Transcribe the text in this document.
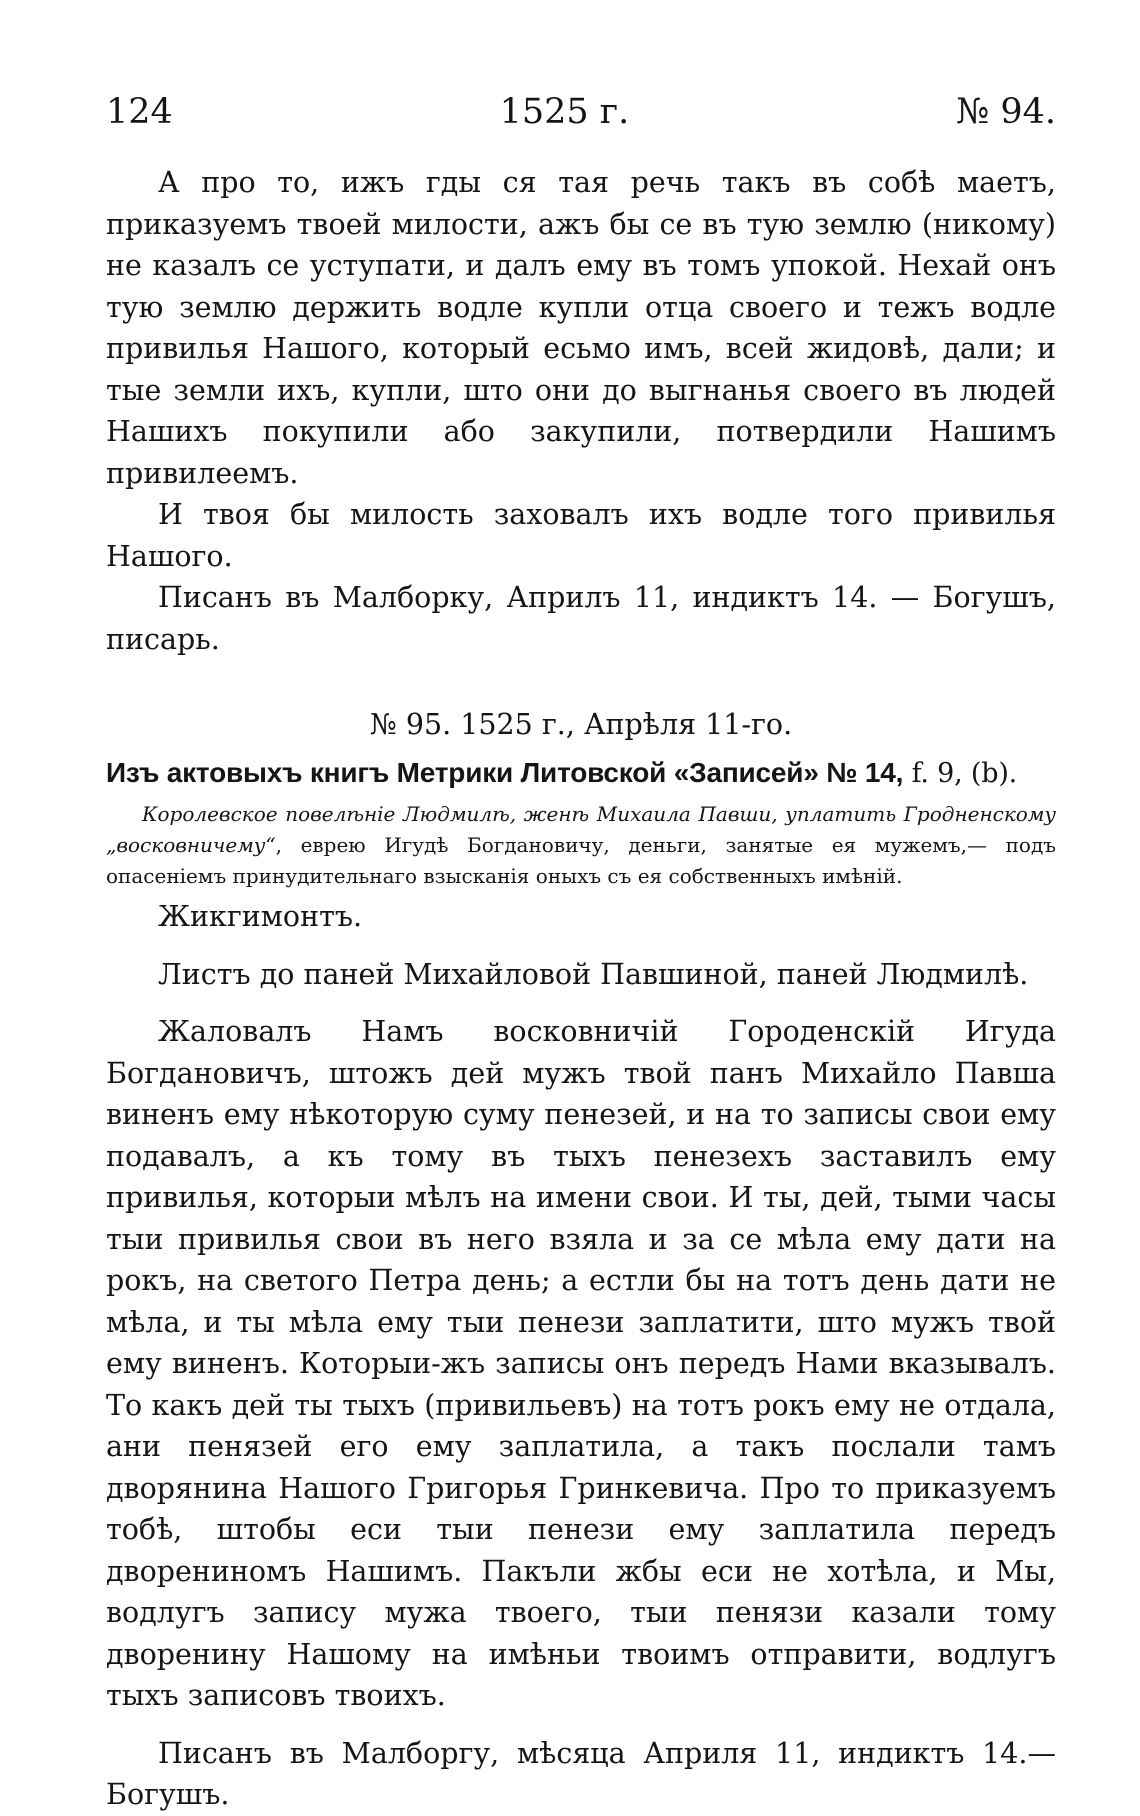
124	1525 г.	№ 94.

А про то, ижъ гды ся тая речь такъ въ собѣ маетъ, приказуемъ твоей милости, ажъ бы се въ тую землю (никому) не казалъ се уступати, и далъ ему въ томъ упокой. Нехай онъ тую землю держить водле купли отца своего и тежъ водле привилья Нашого, который есьмо имъ, всей жидовѣ, дали; и тые земли ихъ, купли, што они до выгнанья своего въ людей Нашихъ покупили або закупили, потвердили Нашимъ привилеемъ.

И твоя бы милость заховалъ ихъ водле того привилья Нашого.

Писанъ въ Малборку, Априлъ 11, индиктъ 14. — Богушъ, писарь.

№ 95. 1525 г., Апрѣля 11-го.

Изъ актовыхъ книгъ Метрики Литовской «Записей» № 14, f. 9, (b).

Королевское повелѣніе Людмилѣ, женѣ Михаила Павши, уплатить Гродненскому „восковничему“, еврею Игудѣ Богдановичу, деньги, занятые ея мужемъ,— подъ опасеніемъ принудительнаго взысканія оныхъ съ ея собственныхъ имѣній.

Жикгимонтъ.

Листъ до паней Михайловой Павшиной, паней Людмилѣ.

Жаловалъ Намъ восковничій Городенскій Игуда Богдановичъ, штожъ дей мужъ твой панъ Михайло Павша виненъ ему нѣкоторую суму пенезей, и на то записы свои ему подавалъ, а къ тому въ тыхъ пенезехъ заставилъ ему привилья, которыи мѣлъ на имени свои. И ты, дей, тыми часы тыи привилья свои въ него взяла и за се мѣла ему дати на рокъ, на светого Петра день; а естли бы на тотъ день дати не мѣла, и ты мѣла ему тыи пенези заплатити, што мужъ твой ему виненъ. Которыи-жъ записы онъ передъ Нами вказывалъ. То какъ дей ты тыхъ (привильевъ) на тотъ рокъ ему не отдала, ани пенязей его ему заплатила, а такъ послали тамъ дворянина Нашого Григорья Гринкевича. Про то приказуемъ тобѣ, штобы еси тыи пенези ему заплатила передъ дворениномъ Нашимъ. Пакъли жбы еси не хотѣла, и Мы, водлугъ запису мужа твоего, тыи пенязи казали тому дворенину Нашому на имѣньи твоимъ отправити, водлугъ тыхъ записовъ твоихъ.

Писанъ въ Малборгу, мѣсяца Априля 11, индиктъ 14.—Богушъ.
